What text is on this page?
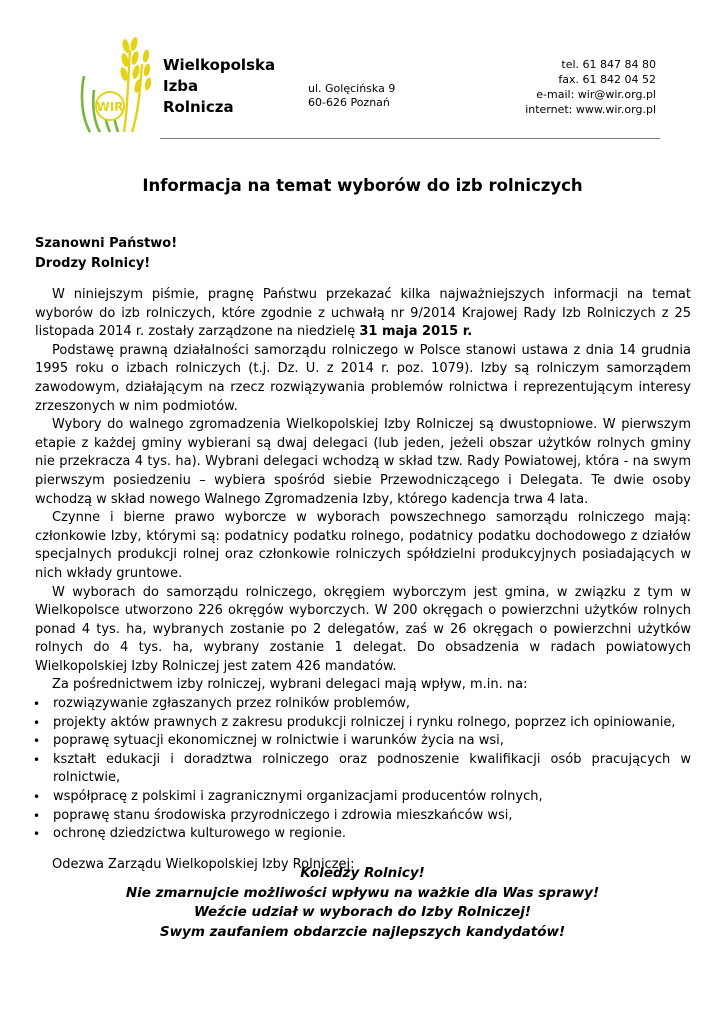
WIR
Wielkopolska
Izba
Rolnicza
ul. Golęcińska 9
60-626 Poznań
tel. 61 847 84 80
fax. 61 842 04 52
e-mail: wir@wir.org.pl
internet: www.wir.org.pl
Informacja na temat wyborów do izb rolniczych
Szanowni Państwo!
Drodzy Rolnicy!

W niniejszym piśmie, pragnę Państwu przekazać kilka najważniejszych informacji na temat wyborów do izb rolniczych, które zgodnie z uchwałą nr 9/2014 Krajowej Rady Izb Rolniczych z 25 listopada 2014 r. zostały zarządzone na niedzielę 31 maja 2015 r.

Podstawę prawną działalności samorządu rolniczego w Polsce stanowi ustawa z dnia 14 grudnia 1995 roku o izbach rolniczych (t.j. Dz. U. z 2014 r. poz. 1079). Izby są rolniczym samorządem zawodowym, działającym na rzecz rozwiązywania problemów rolnictwa i reprezentującym interesy zrzeszonych w nim podmiotów.

Wybory do walnego zgromadzenia Wielkopolskiej Izby Rolniczej są dwustopniowe. W pierwszym etapie z każdej gminy wybierani są dwaj delegaci (lub jeden, jeżeli obszar użytków rolnych gminy nie przekracza 4 tys. ha). Wybrani delegaci wchodzą w skład tzw. Rady Powiatowej, która - na swym pierwszym posiedzeniu – wybiera spośród siebie Przewodniczącego i Delegata. Te dwie osoby wchodzą w skład nowego Walnego Zgromadzenia Izby, którego kadencja trwa 4 lata.

Czynne i bierne prawo wyborcze w wyborach powszechnego samorządu rolniczego mają: członkowie Izby, którymi są: podatnicy podatku rolnego, podatnicy podatku dochodowego z działów specjalnych produkcji rolnej oraz członkowie rolniczych spółdzielni produkcyjnych posiadających w nich wkłady gruntowe.

W wyborach do samorządu rolniczego, okręgiem wyborczym jest gmina, w związku z tym w Wielkopolsce utworzono 226 okręgów wyborczych. W 200 okręgach o powierzchni użytków rolnych ponad 4 tys. ha, wybranych zostanie po 2 delegatów, zaś w 26 okręgach o powierzchni użytków rolnych do 4 tys. ha, wybrany zostanie 1 delegat. Do obsadzenia w radach powiatowych Wielkopolskiej Izby Rolniczej jest zatem 426 mandatów.

Za pośrednictwem izby rolniczej, wybrani delegaci mają wpływ, m.in. na:

• rozwiązywanie zgłaszanych przez rolników problemów,
• projekty aktów prawnych z zakresu produkcji rolniczej i rynku rolnego, poprzez ich opiniowanie,
• poprawę sytuacji ekonomicznej w rolnictwie i warunków życia na wsi,
• kształt edukacji i doradztwa rolniczego oraz podnoszenie kwalifikacji osób pracujących w rolnictwie,
• współpracę z polskimi i zagranicznymi organizacjami producentów rolnych,
• poprawę stanu środowiska przyrodniczego i zdrowia mieszkańców wsi,
• ochronę dziedzictwa kulturowego w regionie.

Odezwa Zarządu Wielkopolskiej Izby Rolniczej:

Koledzy Rolnicy!
Nie zmarnujcie możliwości wpływu na ważkie dla Was sprawy!
Weźcie udział w wyborach do Izby Rolniczej!
Swym zaufaniem obdarzcie najlepszych kandydatów!
